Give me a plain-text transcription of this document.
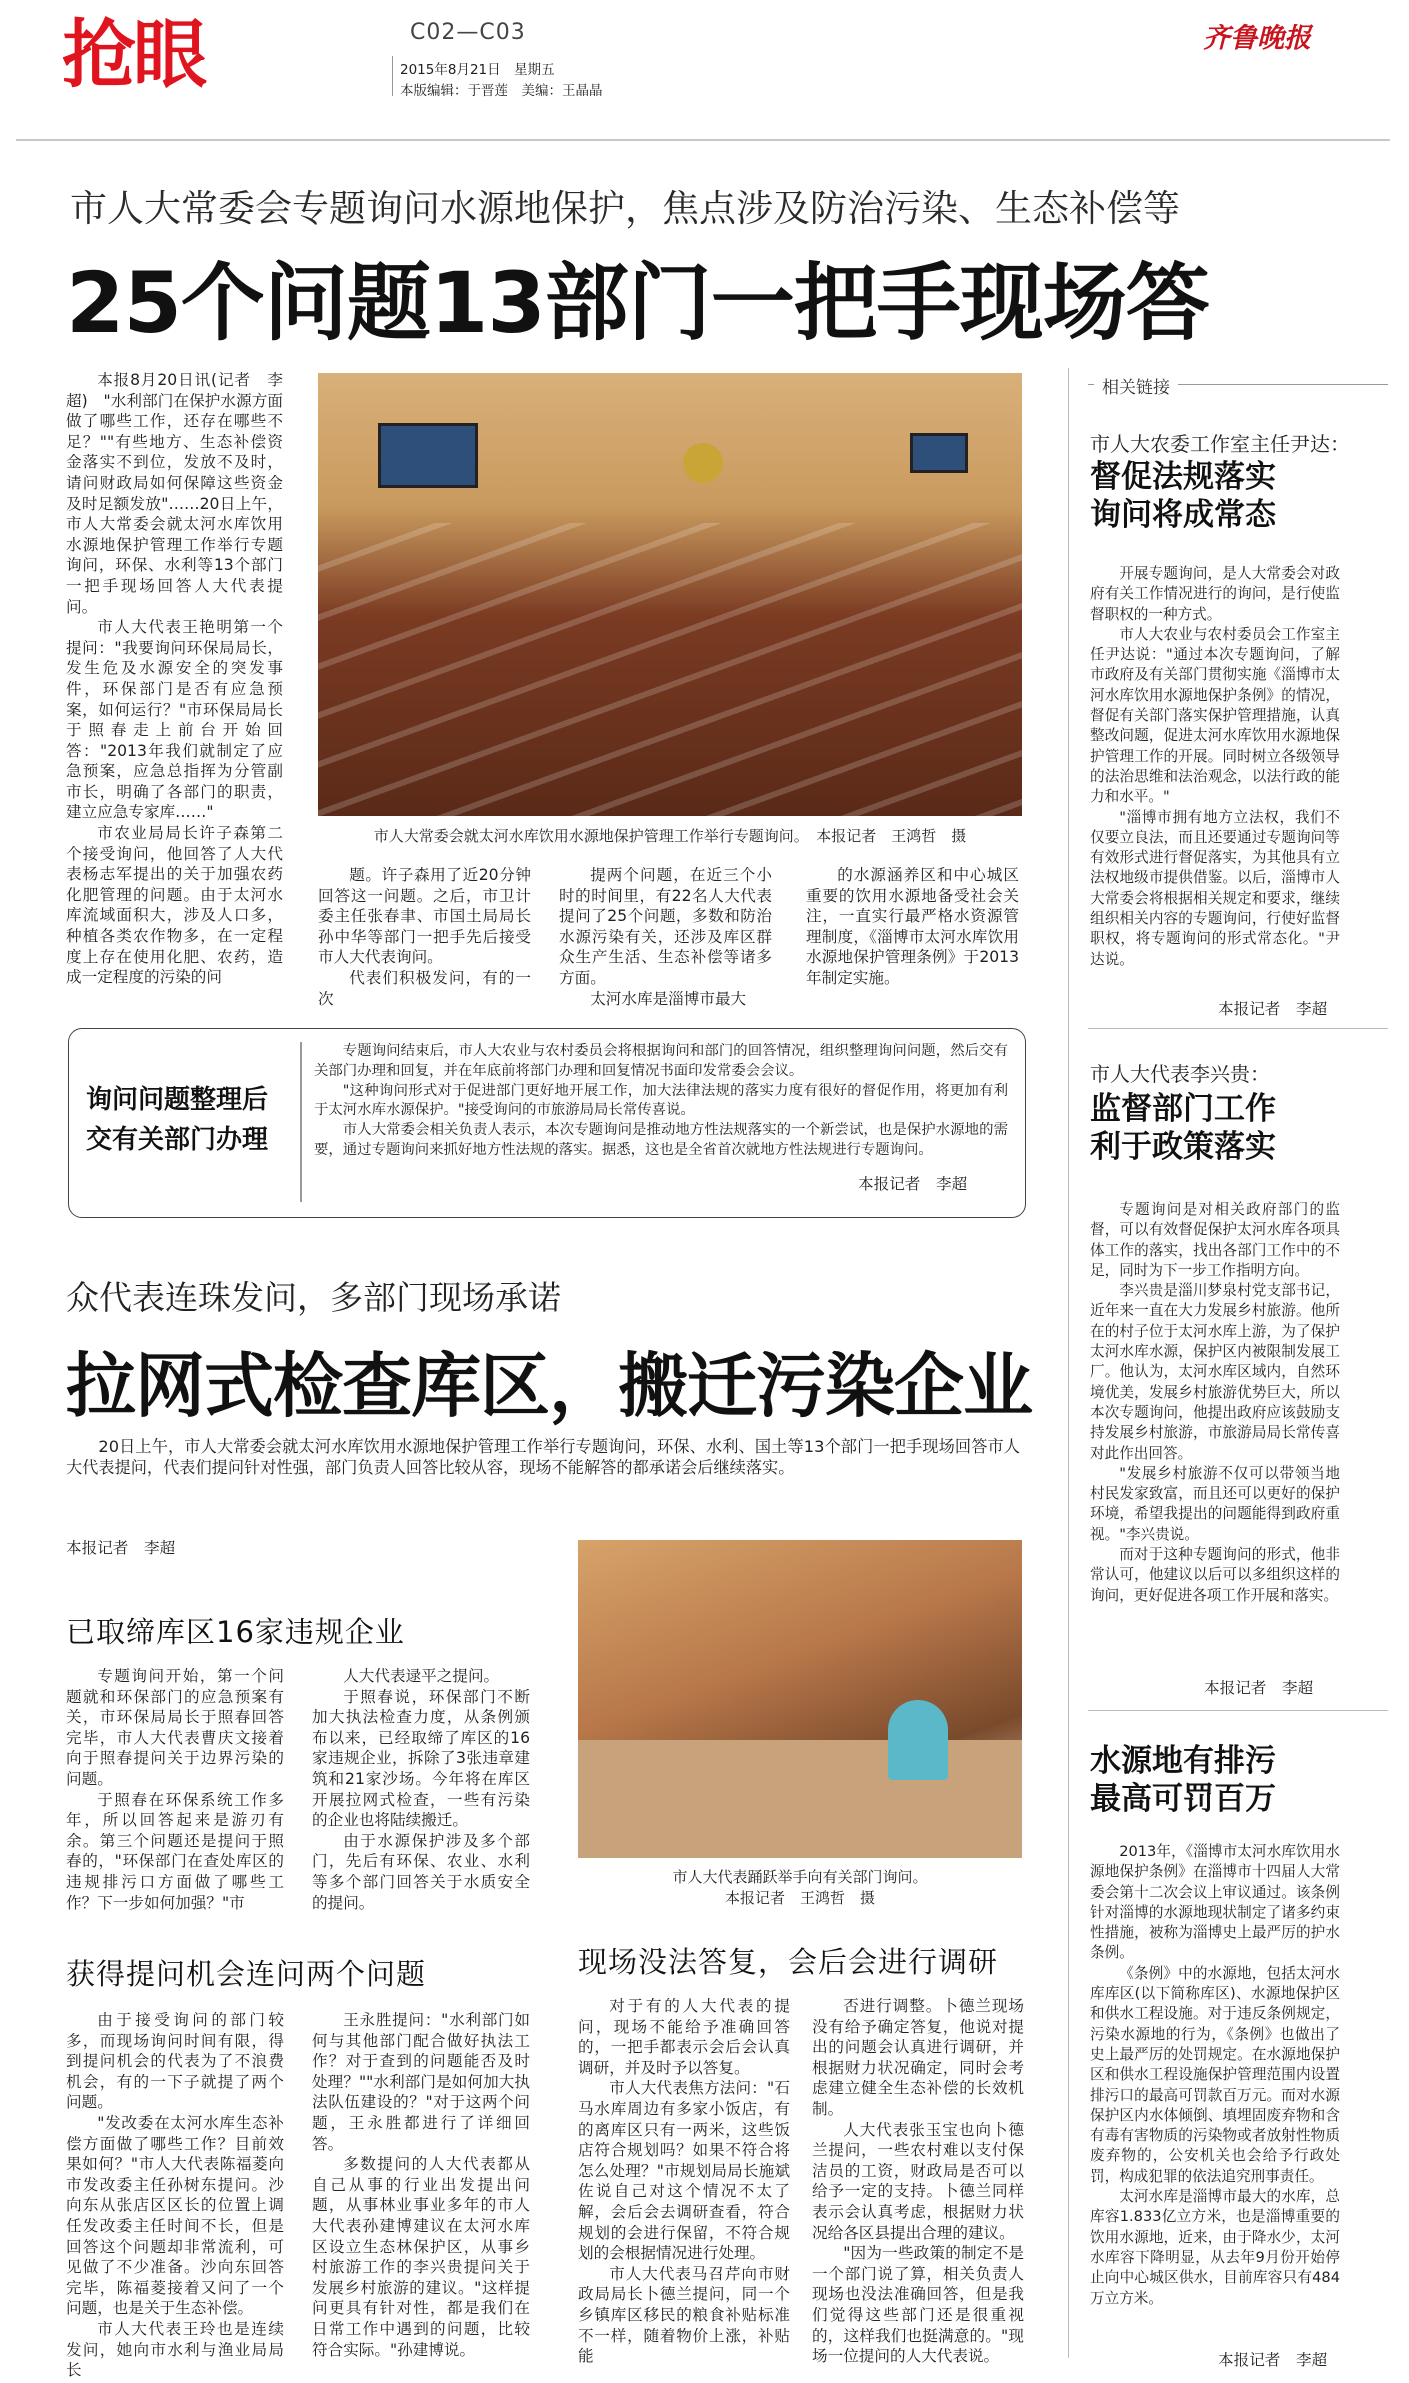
抢眼	C02—C03
2015年8月21日　星期五
本版编辑：于晋莲　美编：王晶晶
齐鲁晚报
市人大常委会专题询问水源地保护，焦点涉及防治污染、生态补偿等
25个问题13部门一把手现场答

本报8月20日讯(记者　李超)　"水利部门在保护水源方面做了哪些工作，还存在哪些不足？""有些地方、生态补偿资金落实不到位，发放不及时，请问财政局如何保障这些资金及时足额发放"……20日上午，市人大常委会就太河水库饮用水源地保护管理工作举行专题询问，环保、水利等13个部门一把手现场回答人大代表提问。

市人大代表王艳明第一个提问："我要询问环保局局长，发生危及水源安全的突发事件，环保部门是否有应急预案，如何运行？"市环保局局长于照春走上前台开始回答："2013年我们就制定了应急预案，应急总指挥为分管副市长，明确了各部门的职责，建立应急专家库……"

市农业局局长许子森第二个接受询问，他回答了人大代表杨志军提出的关于加强农药化肥管理的问题。由于太河水库流域面积大，涉及人口多，种植各类农作物多，在一定程度上存在使用化肥、农药，造成一定程度的污染的问

市人大常委会就太河水库饮用水源地保护管理工作举行专题询问。　本报记者　王鸿哲　摄

题。许子森用了近20分钟回答这一问题。之后，市卫计委主任张春聿、市国土局局长孙中华等部门一把手先后接受市人大代表询问。

代表们积极发问，有的一次

提两个问题，在近三个小时的时间里，有22名人大代表提问了25个问题，多数和防治水源污染有关，还涉及库区群众生产生活、生态补偿等诸多方面。

太河水库是淄博市最大

的水源涵养区和中心城区重要的饮用水源地备受社会关注，一直实行最严格水资源管理制度，《淄博市太河水库饮用水源地保护管理条例》于2013年制定实施。
询问问题整理后
交有关部门办理

专题询问结束后，市人大农业与农村委员会将根据询问和部门的回答情况，组织整理询问问题，然后交有关部门办理和回复，并在年底前将部门办理和回复情况书面印发常委会会议。

"这种询问形式对于促进部门更好地开展工作，加大法律法规的落实力度有很好的督促作用，将更加有利于太河水库水源保护。"接受询问的市旅游局局长常传喜说。

市人大常委会相关负责人表示，本次专题询问是推动地方性法规落实的一个新尝试，也是保护水源地的需要，通过专题询问来抓好地方性法规的落实。据悉，这也是全省首次就地方性法规进行专题询问。

本报记者　李超
众代表连珠发问，多部门现场承诺
拉网式检查库区，搬迁污染企业
20日上午，市人大常委会就太河水库饮用水源地保护管理工作举行专题询问，环保、水利、国土等13个部门一把手现场回答市人大代表提问，代表们提问针对性强，部门负责人回答比较从容，现场不能解答的都承诺会后继续落实。
本报记者　李超
市人大代表踊跃举手向有关部门询问。
本报记者　王鸿哲　摄
已取缔库区16家违规企业

专题询问开始，第一个问题就和环保部门的应急预案有关，市环保局局长于照春回答完毕，市人大代表曹庆文接着向于照春提问关于边界污染的问题。

于照春在环保系统工作多年，所以回答起来是游刃有余。第三个问题还是提问于照春的，"环保部门在查处库区的违规排污口方面做了哪些工作？下一步如何加强？"市

人大代表逯平之提问。

于照春说，环保部门不断加大执法检查力度，从条例颁布以来，已经取缔了库区的16家违规企业，拆除了3张违章建筑和21家沙场。今年将在库区开展拉网式检查，一些有污染的企业也将陆续搬迁。

由于水源保护涉及多个部门，先后有环保、农业、水利等多个部门回答关于水质安全的提问。

获得提问机会连问两个问题

由于接受询问的部门较多，而现场询问时间有限，得到提问机会的代表为了不浪费机会，有的一下子就提了两个问题。

"发改委在太河水库生态补偿方面做了哪些工作？目前效果如何？"市人大代表陈福菱向市发改委主任孙树东提问。沙向东从张店区区长的位置上调任发改委主任时间不长，但是回答这个问题却非常流利，可见做了不少准备。沙向东回答完毕，陈福菱接着又问了一个问题，也是关于生态补偿。

市人大代表王玲也是连续发问，她向市水利与渔业局局长

王永胜提问："水利部门如何与其他部门配合做好执法工作？对于查到的问题能否及时处理？""水利部门是如何加大执法队伍建设的？"对于这两个问题，王永胜都进行了详细回答。

多数提问的人大代表都从自己从事的行业出发提出问题，从事林业事业多年的市人大代表孙建博建议在太河水库区设立生态林保护区，从事乡村旅游工作的李兴贵提问关于发展乡村旅游的建议。"这样提问更具有针对性，都是我们在日常工作中遇到的问题，比较符合实际。"孙建博说。

现场没法答复，会后会进行调研

对于有的人大代表的提问，现场不能给予准确回答的，一把手都表示会后会认真调研，并及时予以答复。

市人大代表焦方法问："石马水库周边有多家小饭店，有的离库区只有一两米，这些饭店符合规划吗？如果不符合将怎么处理？"市规划局局长施斌佐说自己对这个情况不太了解，会后会去调研查看，符合规划的会进行保留，不符合规划的会根据情况进行处理。

市人大代表马召芹向市财政局局长卜德兰提问，同一个乡镇库区移民的粮食补贴标准不一样，随着物价上涨，补贴能

否进行调整。卜德兰现场没有给予确定答复，他说对提出的问题会认真进行调研，并根据财力状况确定，同时会考虑建立健全生态补偿的长效机制。

人大代表张玉宝也向卜德兰提问，一些农村难以支付保洁员的工资，财政局是否可以给予一定的支持。卜德兰同样表示会认真考虑，根据财力状况给各区县提出合理的建议。

"因为一些政策的制定不是一个部门说了算，相关负责人现场也没法准确回答，但是我们觉得这些部门还是很重视的，这样我们也挺满意的。"现场一位提问的人大代表说。

相关链接
市人大农委工作室主任尹达：
督促法规落实
询问将成常态

开展专题询问，是人大常委会对政府有关工作情况进行的询问，是行使监督职权的一种方式。

市人大农业与农村委员会工作室主任尹达说："通过本次专题询问，了解市政府及有关部门贯彻实施《淄博市太河水库饮用水源地保护条例》的情况，督促有关部门落实保护管理措施，认真整改问题，促进太河水库饮用水源地保护管理工作的开展。同时树立各级领导的法治思维和法治观念，以法行政的能力和水平。"

"淄博市拥有地方立法权，我们不仅要立良法，而且还要通过专题询问等有效形式进行督促落实，为其他具有立法权地级市提供借鉴。以后，淄博市人大常委会将根据相关规定和要求，继续组织相关内容的专题询问，行使好监督职权，将专题询问的形式常态化。"尹达说。

本报记者　李超
市人大代表李兴贵：
监督部门工作
利于政策落实

专题询问是对相关政府部门的监督，可以有效督促保护太河水库各项具体工作的落实，找出各部门工作中的不足，同时为下一步工作指明方向。

李兴贵是淄川梦泉村党支部书记，近年来一直在大力发展乡村旅游。他所在的村子位于太河水库上游，为了保护太河水库水源，保护区内被限制发展工厂。他认为，太河水库区域内，自然环境优美，发展乡村旅游优势巨大，所以本次专题询问，他提出政府应该鼓励支持发展乡村旅游，市旅游局局长常传喜对此作出回答。

"发展乡村旅游不仅可以带领当地村民发家致富，而且还可以更好的保护环境，希望我提出的问题能得到政府重视。"李兴贵说。

而对于这种专题询问的形式，他非常认可，他建议以后可以多组织这样的询问，更好促进各项工作开展和落实。

本报记者　李超
水源地有排污
最高可罚百万

2013年，《淄博市太河水库饮用水源地保护条例》在淄博市十四届人大常委会第十二次会议上审议通过。该条例针对淄博的水源地现状制定了诸多约束性措施，被称为淄博史上最严厉的护水条例。

《条例》中的水源地，包括太河水库库区(以下简称库区)、水源地保护区和供水工程设施。对于违反条例规定，污染水源地的行为，《条例》也做出了史上最严厉的处罚规定。在水源地保护区和供水工程设施保护管理范围内设置排污口的最高可罚款百万元。而对水源保护区内水体倾倒、填埋固废弃物和含有毒有害物质的污染物或者放射性物质废弃物的，公安机关也会给予行政处罚，构成犯罪的依法追究刑事责任。

太河水库是淄博市最大的水库，总库容1.833亿立方米，也是淄博重要的饮用水源地，近来，由于降水少，太河水库容下降明显，从去年9月份开始停止向中心城区供水，目前库容只有484万立方米。

本报记者　李超
